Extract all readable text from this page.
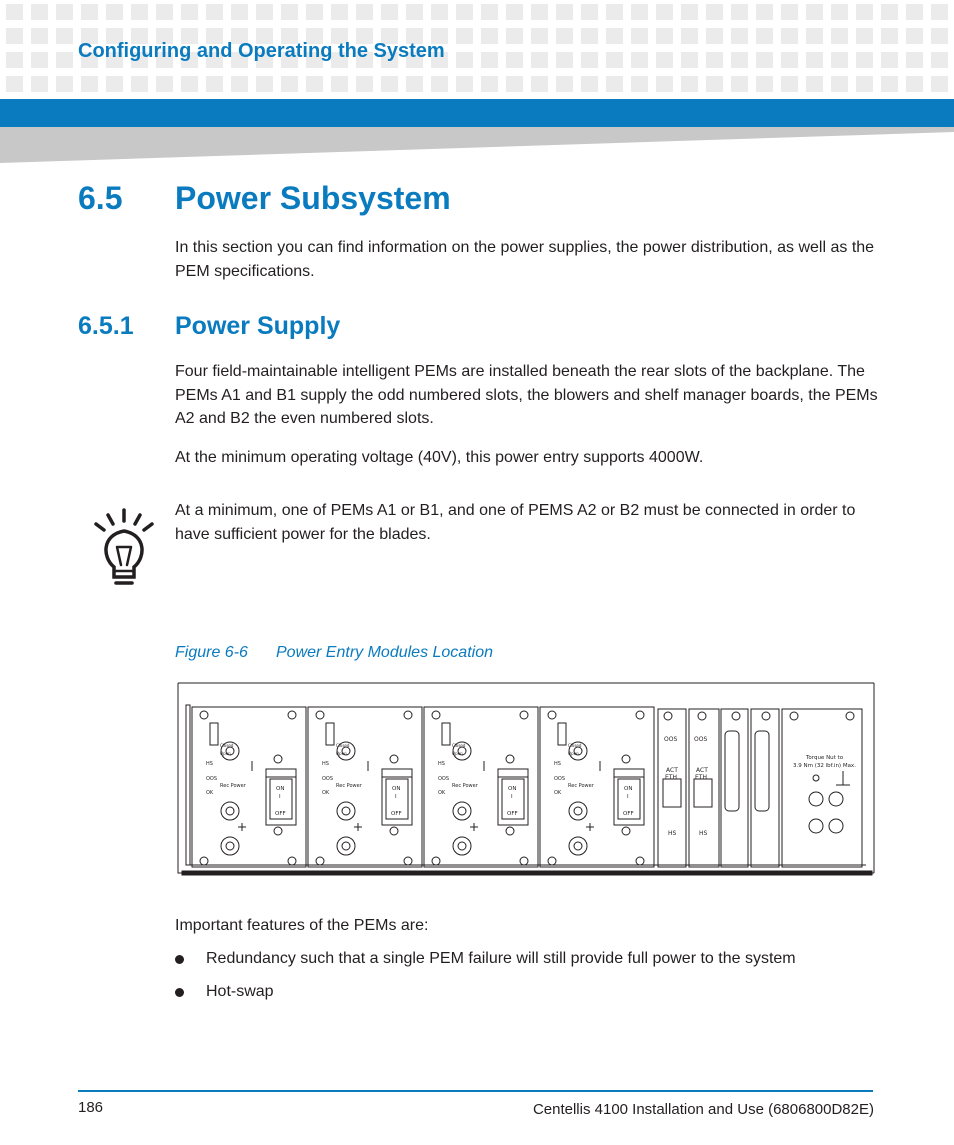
Configuring and Operating the System
6.5 Power Subsystem
In this section you can find information on the power supplies, the power distribution, as well as the PEM specifications.
6.5.1 Power Supply
Four field-maintainable intelligent PEMs are installed beneath the rear slots of the backplane. The PEMs A1 and B1 supply the odd numbered slots, the blowers and shelf manager boards, the PEMs A2 and B2 the even numbered slots.
At the minimum operating voltage (40V), this power entry supports 4000W.
At a minimum, one of PEMs A1 or B1, and one of PEMS A2 or B2 must be connected in order to have sufficient power for the blades.
Figure 6-6 Power Entry Modules Location
ON
I
OFF
Closed
Open
HS
OOS
Rec Power
OK
ON
I
OFF
Closed
Open
HS
OOS
Rec Power
OK
ON
I
OFF
Closed
Open
HS
OOS
Rec Power
OK
ON
I
OFF
Closed
Open
HS
OOS
Rec Power
OK
OOS	OOS
ETH	ETH
ACT	ACT
HS	HS
Torque Nut to
3.9 Nm (32 lbf.in) Max.
Important features of the PEMs are:
Redundancy such that a single PEM failure will still provide full power to the system
Hot-swap
186	Centellis 4100 Installation and Use (6806800D82E)
